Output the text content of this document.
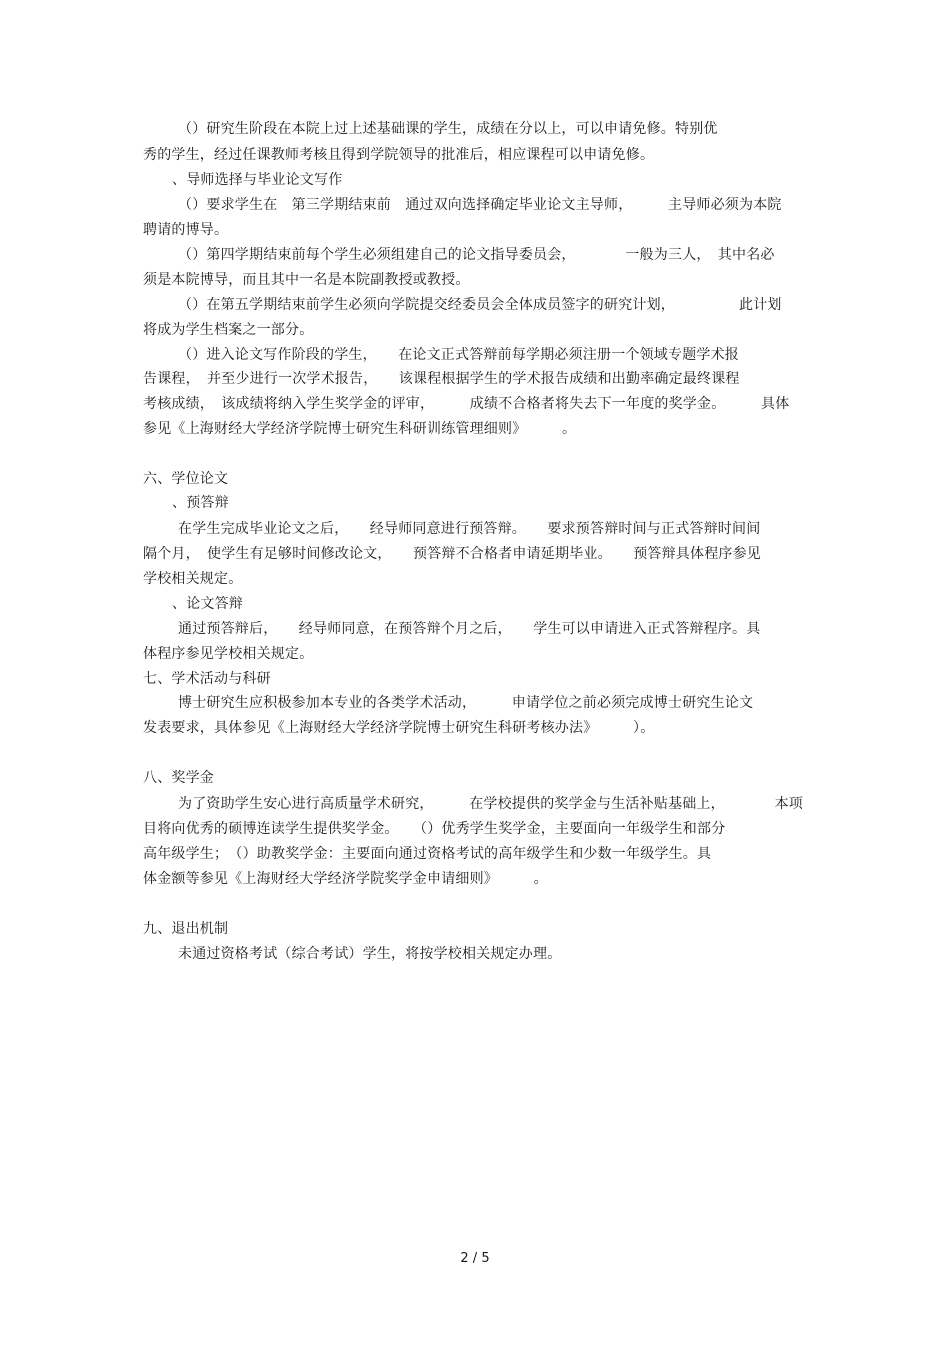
（）研究生阶段在本院上过上述基础课的学生，成绩在分以上，可以申请免修。特别优
秀的学生，经过任课教师考核且得到学院领导的批准后，相应课程可以申请免修。
、导师选择与毕业论文写作
（）要求学生在　第三学期结束前　通过双向选择确定毕业论文主导师，　　　主导师必须为本院
聘请的博导。
（）第四学期结束前每个学生必须组建自己的论文指导委员会，　　　　一般为三人，　其中名必
须是本院博导，而且其中一名是本院副教授或教授。
（）在第五学期结束前学生必须向学院提交经委员会全体成员签字的研究计划，　　　　　此计划
将成为学生档案之一部分。
（）进入论文写作阶段的学生，　　在论文正式答辩前每学期必须注册一个领域专题学术报
告课程，　并至少进行一次学术报告，　　该课程根据学生的学术报告成绩和出勤率确定最终课程
考核成绩，　该成绩将纳入学生奖学金的评审，　　　成绩不合格者将失去下一年度的奖学金。　　　具体
参见《上海财经大学经济学院博士研究生科研训练管理细则》　　　。
六、学位论文
、预答辩
在学生完成毕业论文之后，　　经导师同意进行预答辩。　　要求预答辩时间与正式答辩时间间
隔个月，　使学生有足够时间修改论文，　　预答辩不合格者申请延期毕业。　　预答辩具体程序参见
学校相关规定。
、论文答辩
通过预答辩后，　　经导师同意，在预答辩个月之后，　　学生可以申请进入正式答辩程序。具
体程序参见学校相关规定。
七、学术活动与科研
博士研究生应积极参加本专业的各类学术活动，　　　申请学位之前必须完成博士研究生论文
发表要求，具体参见《上海财经大学经济学院博士研究生科研考核办法》　　　）。
八、奖学金
为了资助学生安心进行高质量学术研究，　　　在学校提供的奖学金与生活补贴基础上，　　　　本项
目将向优秀的硕博连读学生提供奖学金。　　（）优秀学生奖学金，主要面向一年级学生和部分
高年级学生；　（）助教奖学金：主要面向通过资格考试的高年级学生和少数一年级学生。具
体金额等参见《上海财经大学经济学院奖学金申请细则》　　　。
九、退出机制
未通过资格考试（综合考试）学生，将按学校相关规定办理。
2 / 5
